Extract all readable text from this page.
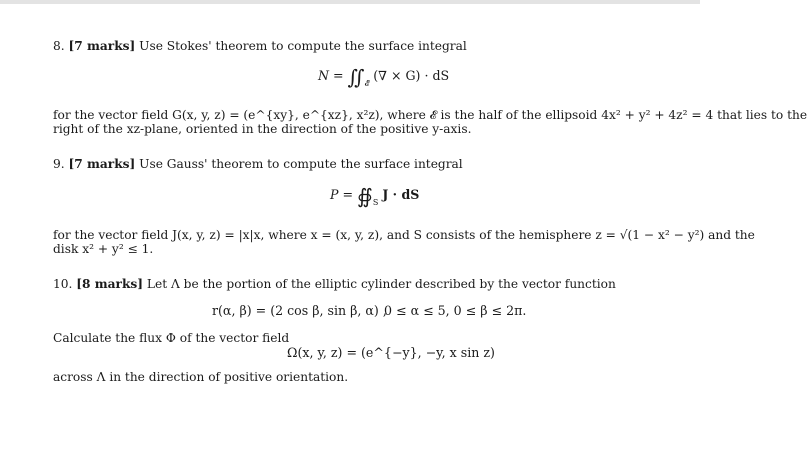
8. [7 marks] Use Stokes' theorem to compute the surface integral
$N = ∬_𝓔$ (∇ × G) · dS
for the vector field G(x, y, z) = (e^{xy}, e^{xz}, x²z), where 𝓔 is the half of the ellipsoid 4x² + y² + 4z² = 4 that lies to the
right of the xz-plane, oriented in the direction of the positive y-axis.
9. [7 marks] Use Gauss' theorem to compute the surface integral
$P = ∯_S$ J · dS
for the vector field J(x, y, z) = |x|x, where x = (x, y, z), and S consists of the hemisphere z = √(1 − x² − y²) and the
disk x² + y² ≤ 1.
10. [8 marks] Let Λ be the portion of the elliptic cylinder described by the vector function
r(α, β) = (2 cos β, sin β, α) ,
0 ≤ α ≤ 5, 0 ≤ β ≤ 2π.
Calculate the flux Φ of the vector field
Ω(x, y, z) = (e^{−y}, −y, x sin z)
across Λ in the direction of positive orientation.
